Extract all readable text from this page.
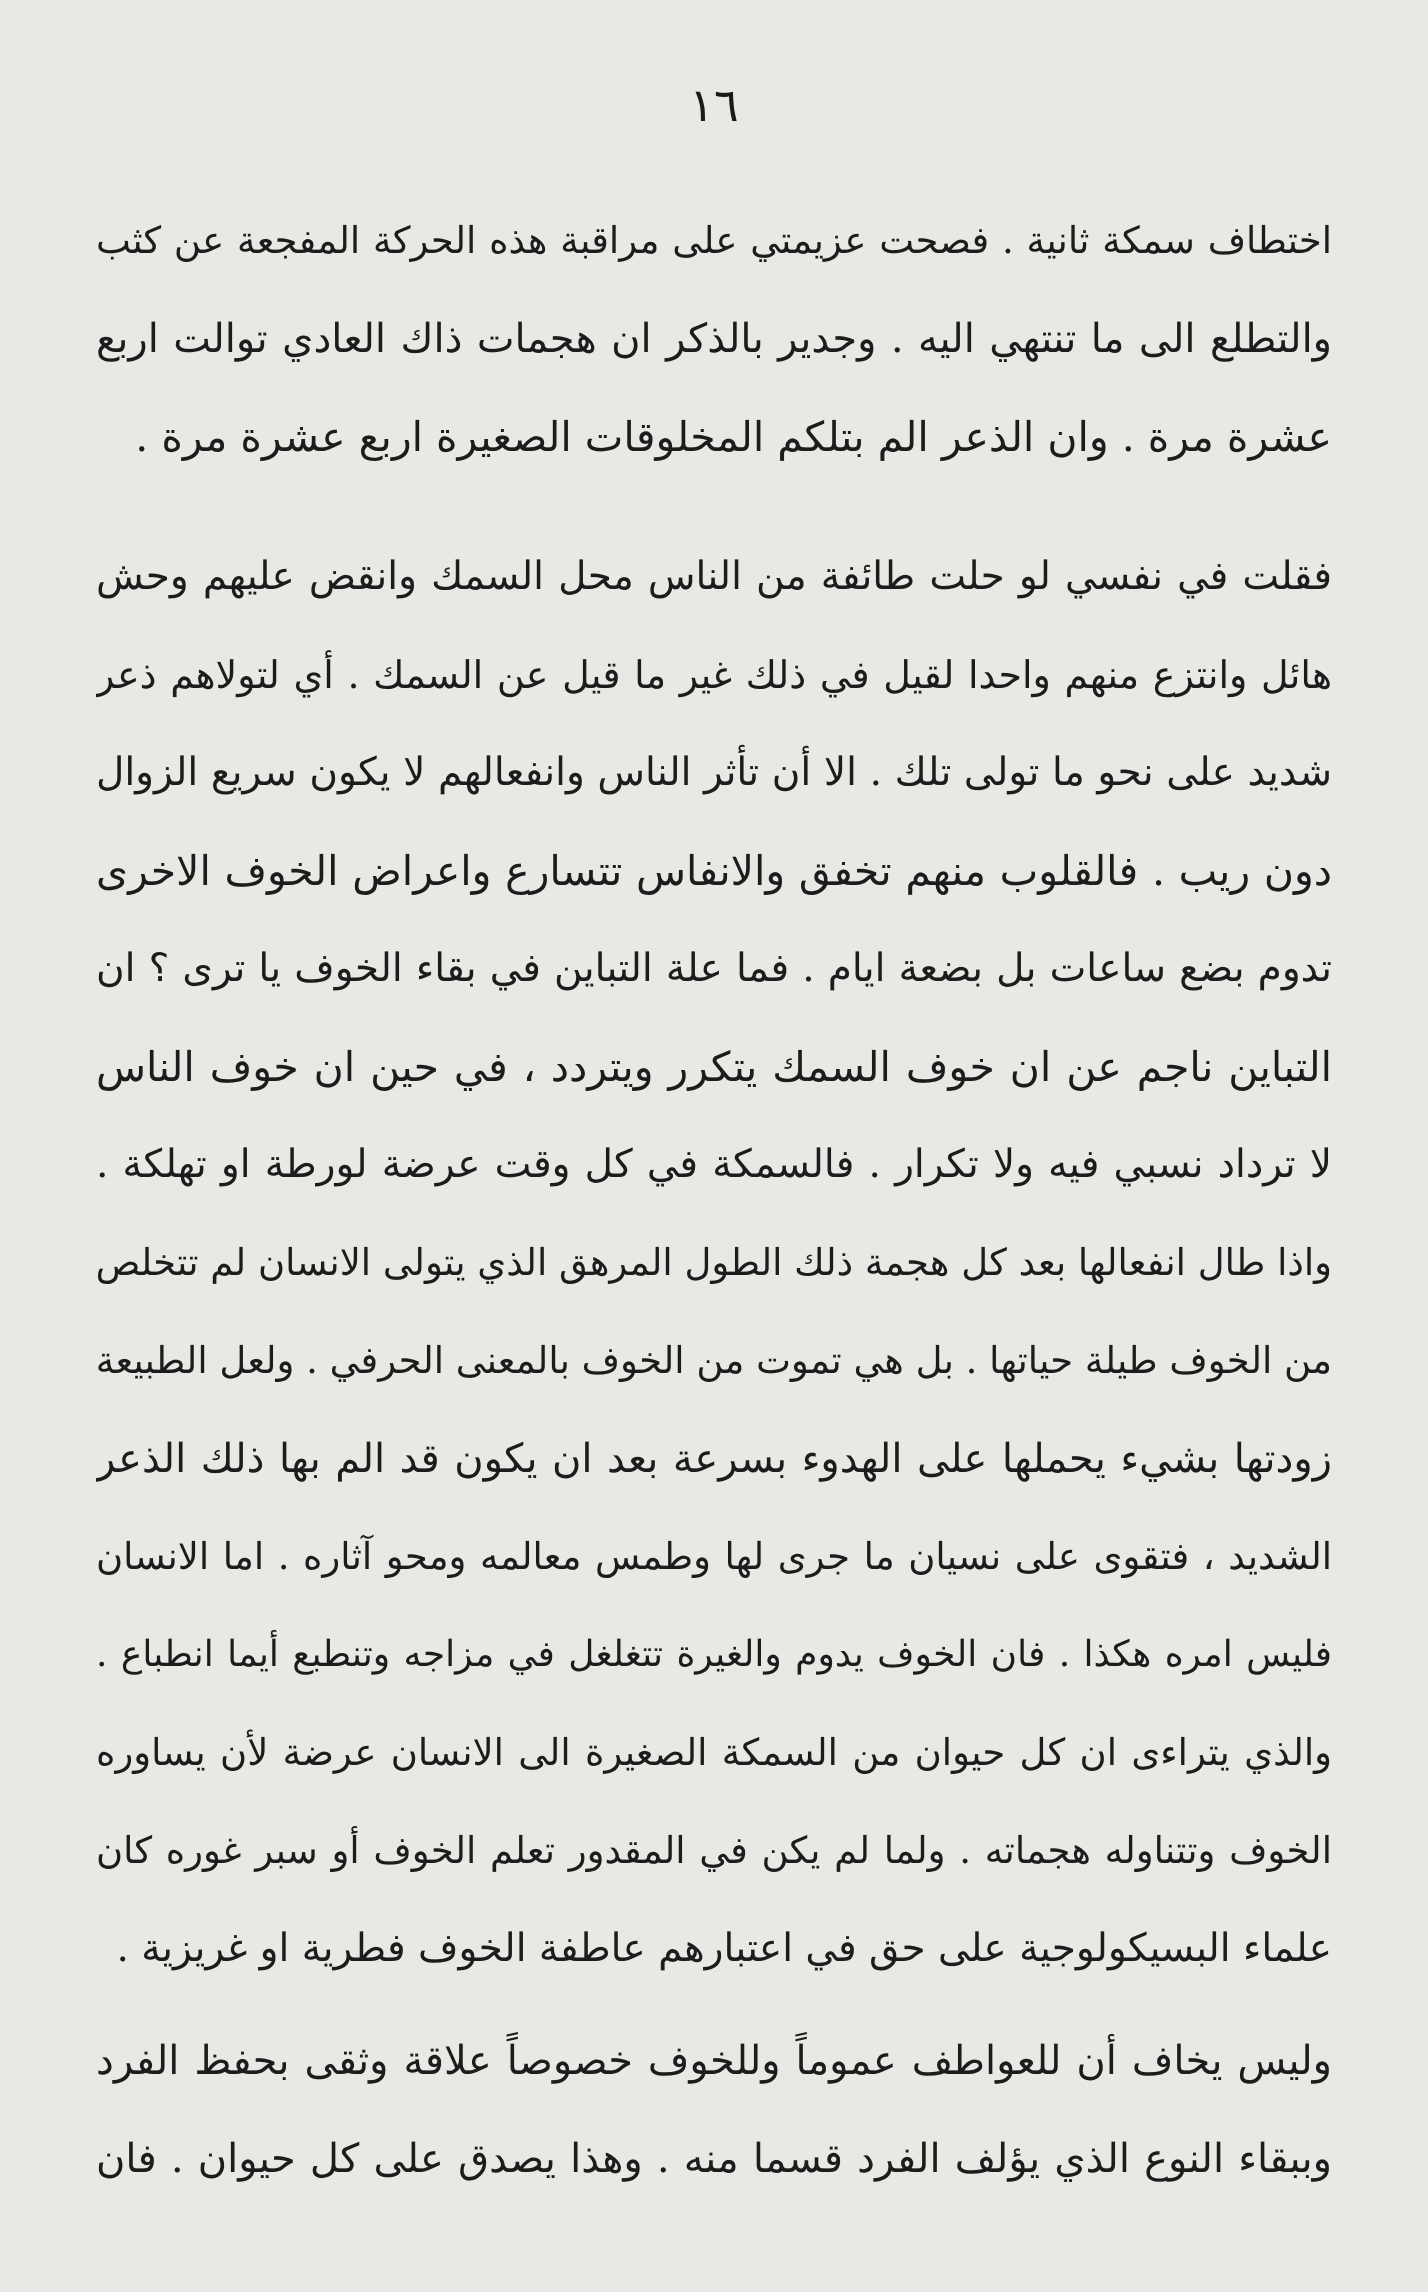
١٦
اختطاف سمكة ثانية . فصحت عزيمتي على مراقبة هذه الحركة المفجعة عن كثب
والتطلع الى ما تنتهي اليه . وجدير بالذكر ان هجمات ذاك العادي توالت اربع
عشرة مرة . وان الذعر الم بتلكم المخلوقات الصغيرة اربع عشرة مرة .
فقلت في نفسي لو حلت طائفة من الناس محل السمك وانقض عليهم وحش
هائل وانتزع منهم واحدا لقيل في ذلك غير ما قيل عن السمك . أي لتولاهم ذعر
شديد على نحو ما تولى تلك . الا أن تأثر الناس وانفعالهم لا يكون سريع الزوال
دون ريب . فالقلوب منهم تخفق والانفاس تتسارع واعراض الخوف الاخرى
تدوم بضع ساعات بل بضعة ايام . فما علة التباين في بقاء الخوف يا ترى ؟ ان
التباين ناجم عن ان خوف السمك يتكرر ويتردد ، في حين ان خوف الناس
لا ترداد نسبي فيه ولا تكرار . فالسمكة في كل وقت عرضة لورطة او تهلكة .
واذا طال انفعالها بعد كل هجمة ذلك الطول المرهق الذي يتولى الانسان لم تتخلص
من الخوف طيلة حياتها . بل هي تموت من الخوف بالمعنى الحرفي . ولعل الطبيعة
زودتها بشيء يحملها على الهدوء بسرعة بعد ان يكون قد الم بها ذلك الذعر
الشديد ، فتقوى على نسيان ما جرى لها وطمس معالمه ومحو آثاره . اما الانسان
فليس امره هكذا . فان الخوف يدوم والغيرة تتغلغل في مزاجه وتنطبع أيما انطباع .
والذي يتراءى ان كل حيوان من السمكة الصغيرة الى الانسان عرضة لأن يساوره
الخوف وتتناوله هجماته . ولما لم يكن في المقدور تعلم الخوف أو سبر غوره كان
علماء البسيكولوجية على حق في اعتبارهم عاطفة الخوف فطرية او غريزية .
وليس يخاف أن للعواطف عموماً وللخوف خصوصاً علاقة وثقى بحفظ الفرد
وببقاء النوع الذي يؤلف الفرد قسما منه . وهذا يصدق على كل حيوان . فان
